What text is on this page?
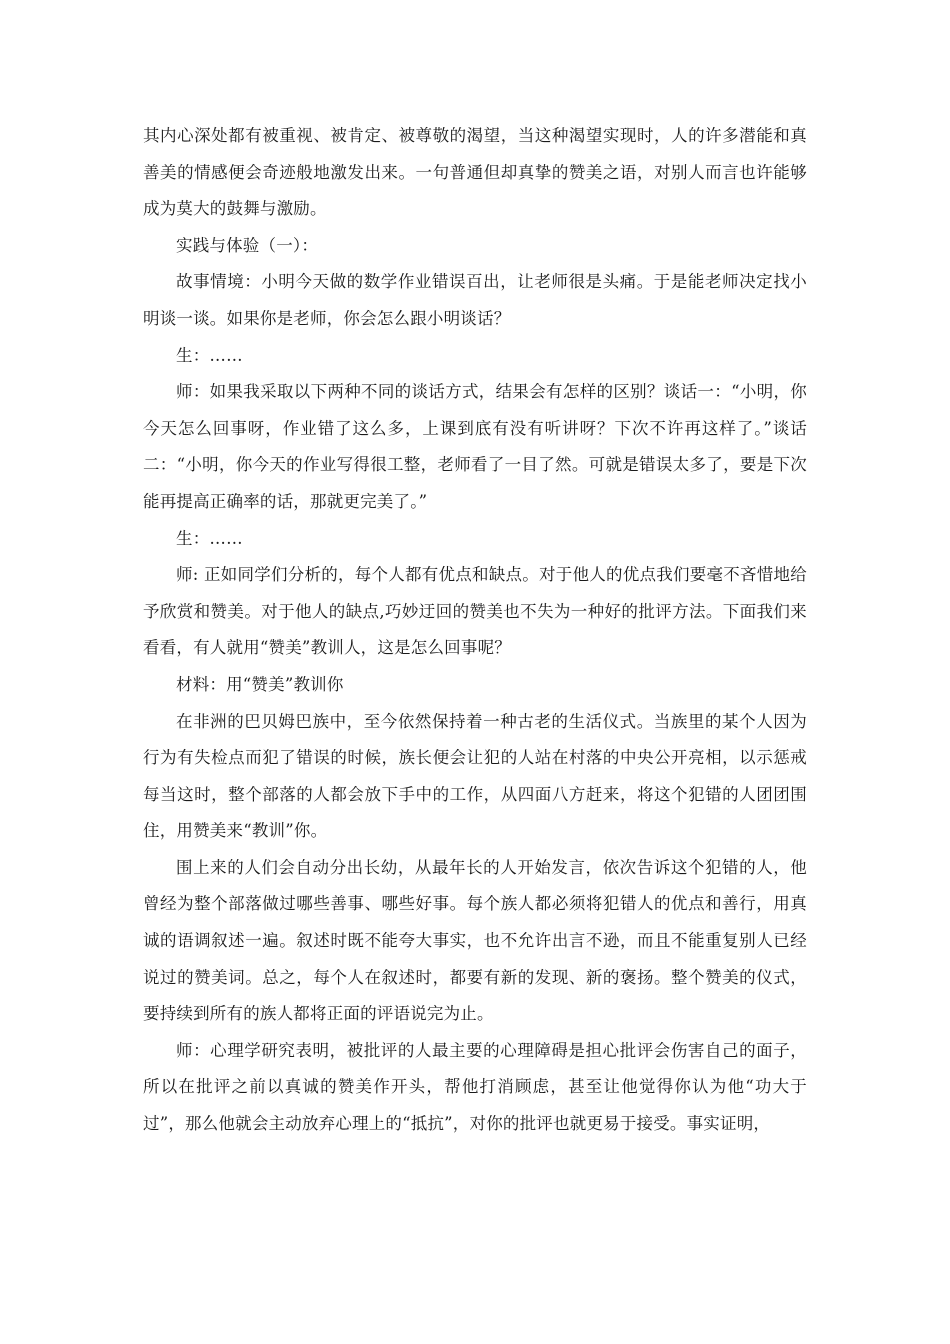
其内心深处都有被重视、被肯定、被尊敬的渴望，当这种渴望实现时，人的许多潜能和真善美的情感便会奇迹般地激发出来。一句普通但却真挚的赞美之语，对别人而言也许能够成为莫大的鼓舞与激励。

实践与体验（一）：

故事情境：小明今天做的数学作业错误百出，让老师很是头痛。于是能老师决定找小明谈一谈。如果你是老师，你会怎么跟小明谈话？

生：……

师：如果我采取以下两种不同的谈话方式，结果会有怎样的区别？谈话一：“小明，你今天怎么回事呀，作业错了这么多，上课到底有没有听讲呀？下次不许再这样了。”谈话二：“小明，你今天的作业写得很工整，老师看了一目了然。可就是错误太多了，要是下次能再提高正确率的话，那就更完美了。”

生：……

师: 正如同学们分析的，每个人都有优点和缺点。对于他人的优点我们要毫不吝惜地给予欣赏和赞美。对于他人的缺点,巧妙迂回的赞美也不失为一种好的批评方法。下面我们来看看，有人就用“赞美”教训人，这是怎么回事呢？

材料：用“赞美”教训你

在非洲的巴贝姆巴族中，至今依然保持着一种古老的生活仪式。当族里的某个人因为行为有失检点而犯了错误的时候，族长便会让犯的人站在村落的中央公开亮相，以示惩戒每当这时，整个部落的人都会放下手中的工作，从四面八方赶来，将这个犯错的人团团围住，用赞美来“教训”你。

围上来的人们会自动分出长幼，从最年长的人开始发言，依次告诉这个犯错的人，他曾经为整个部落做过哪些善事、哪些好事。每个族人都必须将犯错人的优点和善行，用真诚的语调叙述一遍。叙述时既不能夸大事实，也不允许出言不逊，而且不能重复别人已经说过的赞美词。总之，每个人在叙述时，都要有新的发现、新的褒扬。整个赞美的仪式，要持续到所有的族人都将正面的评语说完为止。

师：心理学研究表明，被批评的人最主要的心理障碍是担心批评会伤害自己的面子，所以在批评之前以真诚的赞美作开头，帮他打消顾虑，甚至让他觉得你认为他“功大于过”，那么他就会主动放弃心理上的“抵抗”，对你的批评也就更易于接受。事实证明，
